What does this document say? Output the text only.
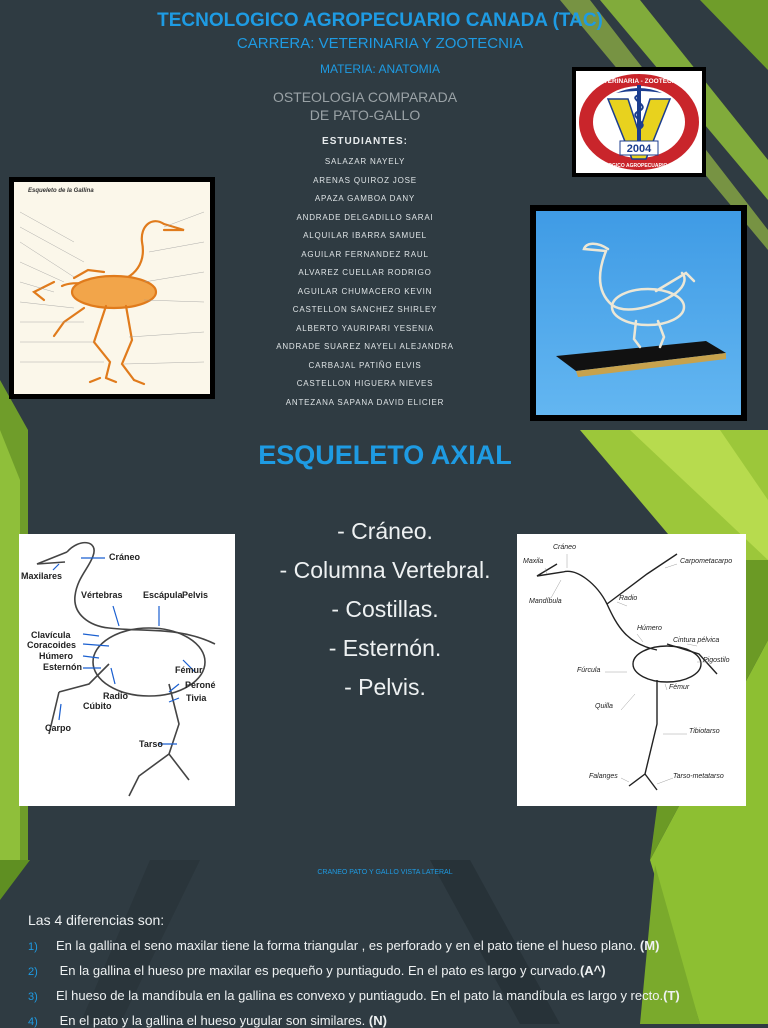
TECNOLOGICO AGROPECUARIO CANADA (TAC)
CARRERA: VETERINARIA Y ZOOTECNIA
MATERIA: ANATOMIA
OSTEOLOGIA COMPARADA
DE PATO-GALLO
ESTUDIANTES:
SALAZAR NAYELY
ARENAS QUIROZ JOSE
APAZA GAMBOA DANY
ANDRADE DELGADILLO SARAI
ALQUILAR IBARRA SAMUEL
AGUILAR FERNANDEZ RAUL
ALVAREZ CUELLAR RODRIGO
AGUILAR CHUMACERO KEVIN
CASTELLON SANCHEZ SHIRLEY
ALBERTO YAURIPARI YESENIA
ANDRADE SUAREZ NAYELI ALEJANDRA
CARBAJAL PATIÑO ELVIS
CASTELLON HIGUERA NIEVES
ANTEZANA SAPANA DAVID ELICIER
2004
VETERINARIA - ZOOTECNIA
TECNOLOGICO AGROPECUARIO CANADA
Esqueleto de la Gallina
ESQUELETO AXIAL
- Cráneo.
- Columna Vertebral.
- Costillas.
- Esternón.
- Pelvis.
Cráneo
Maxilares
Vértebras Escápula Pelvis
Clavícula
Coracoides
Húmero
Esternón	Fémur
Radio
Peroné
Cúbito
Tivia
Carpo
Tarso
Cráneo
Maxila	Carpometacarpo
Mandíbula	Radio
Húmero
Cintura pélvica
Pigostilo
Fúrcula
Fémur
Quilla
Tibiotarso
Falanges	Tarso-metatarso
CRANEO PATO Y GALLO VISTA LATERAL
Las 4 diferencias son:
1) En la gallina el seno maxilar tiene la forma triangular , es perforado y en el pato tiene el hueso plano. (M)
2) En la gallina el hueso pre maxilar es pequeño y puntiagudo. En el pato es largo y curvado.(A^)
3) El hueso de la mandíbula en la gallina es convexo y puntiagudo. En el pato la mandíbula es largo y recto.(T)
4) En el pato y la gallina el hueso yugular son similares. (N)
